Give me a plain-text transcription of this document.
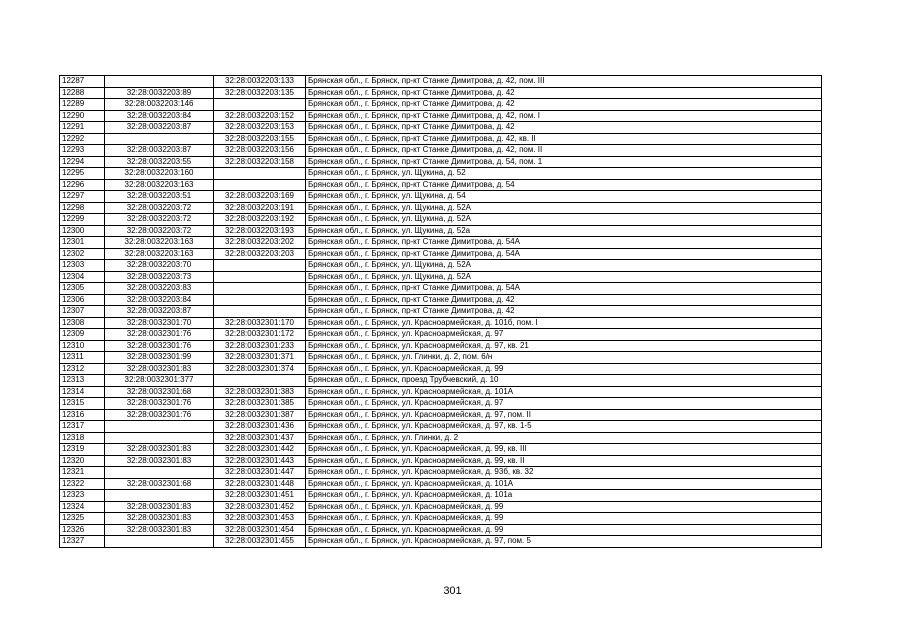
12287		32:28:0032203:133	Брянская обл., г. Брянск, пр-кт Станке Димитрова, д. 42, пом. III
12288	32:28:0032203:89	32:28:0032203:135	Брянская обл., г. Брянск, пр-кт Станке Димитрова, д. 42
12289	32:28:0032203:146		Брянская обл., г. Брянск, пр-кт Станке Димитрова, д. 42
12290	32:28:0032203:84	32:28:0032203:152	Брянская обл., г. Брянск, пр-кт Станке Димитрова, д. 42, пом. I
12291	32:28:0032203:87	32:28:0032203:153	Брянская обл., г. Брянск, пр-кт Станке Димитрова, д. 42
12292		32:28:0032203:155	Брянская обл., г. Брянск, пр-кт Станке Димитрова, д. 42, кв. II
12293	32:28:0032203:87	32:28:0032203:156	Брянская обл., г. Брянск, пр-кт Станке Димитрова, д. 42, пом. II
12294	32:28:0032203:55	32:28:0032203:158	Брянская обл., г. Брянск, пр-кт Станке Димитрова, д. 54, пом. 1
12295	32:28:0032203:160		Брянская обл., г. Брянск, ул. Щукина, д. 52
12296	32:28:0032203:163		Брянская обл., г. Брянск, пр-кт Станке Димитрова, д. 54
12297	32:28:0032203:51	32:28:0032203:169	Брянская обл., г. Брянск, ул. Щукина, д. 54
12298	32:28:0032203:72	32:28:0032203:191	Брянская обл., г. Брянск, ул. Щукина, д. 52А
12299	32:28:0032203:72	32:28:0032203:192	Брянская обл., г. Брянск, ул. Щукина, д. 52А
12300	32:28:0032203:72	32:28:0032203:193	Брянская обл., г. Брянск, ул. Щукина, д. 52а
12301	32:28:0032203:163	32:28:0032203:202	Брянская обл., г. Брянск, пр-кт Станке Димитрова, д. 54А
12302	32:28:0032203:163	32:28:0032203:203	Брянская обл., г. Брянск, пр-кт Станке Димитрова, д. 54А
12303	32:28:0032203:70		Брянская обл., г. Брянск, ул. Щукина, д. 52А
12304	32:28:0032203:73		Брянская обл., г. Брянск, ул. Щукина, д. 52А
12305	32:28:0032203:83		Брянская обл., г. Брянск, пр-кт Станке Димитрова, д. 54А
12306	32:28:0032203:84		Брянская обл., г. Брянск, пр-кт Станке Димитрова, д. 42
12307	32:28:0032203:87		Брянская обл., г. Брянск, пр-кт Станке Димитрова, д. 42
12308	32:28:0032301:70	32:28:0032301:170	Брянская обл., г. Брянск, ул. Красноармейская, д. 101б, пом. I
12309	32:28:0032301:76	32:28:0032301:172	Брянская обл., г. Брянск, ул. Красноармейская, д. 97
12310	32:28:0032301:76	32:28:0032301:233	Брянская обл., г. Брянск, ул. Красноармейская, д. 97, кв. 21
12311	32:28:0032301:99	32:28:0032301:371	Брянская обл., г. Брянск, ул. Глинки, д. 2, пом. 6/н
12312	32:28:0032301:83	32:28:0032301:374	Брянская обл., г. Брянск, ул. Красноармейская, д. 99
12313	32:28:0032301:377		Брянская обл., г. Брянск, проезд Трубчевский, д. 10
12314	32:28:0032301:68	32:28:0032301:383	Брянская обл., г. Брянск, ул. Красноармейская, д. 101А
12315	32:28:0032301:76	32:28:0032301:385	Брянская обл., г. Брянск, ул. Красноармейская, д. 97
12316	32:28:0032301:76	32:28:0032301:387	Брянская обл., г. Брянск, ул. Красноармейская, д. 97, пом. II
12317		32:28:0032301:436	Брянская обл., г. Брянск, ул. Красноармейская, д. 97, кв. 1-5
12318		32:28:0032301:437	Брянская обл., г. Брянск, ул. Глинки, д. 2
12319	32:28:0032301:83	32:28:0032301:442	Брянская обл., г. Брянск, ул. Красноармейская, д. 99, кв. III
12320	32:28:0032301:83	32:28:0032301:443	Брянская обл., г. Брянск, ул. Красноармейская, д. 99, кв. II
12321		32:28:0032301:447	Брянская обл., г. Брянск, ул. Красноармейская, д. 93б, кв. 32
12322	32:28:0032301:68	32:28:0032301:448	Брянская обл., г. Брянск, ул. Красноармейская, д. 101А
12323		32:28:0032301:451	Брянская обл., г. Брянск, ул. Красноармейская, д. 101а
12324	32:28:0032301:83	32:28:0032301:452	Брянская обл., г. Брянск, ул. Красноармейская, д. 99
12325	32:28:0032301:83	32:28:0032301:453	Брянская обл., г. Брянск, ул. Красноармейская, д. 99
12326	32:28:0032301:83	32:28:0032301:454	Брянская обл., г. Брянск, ул. Красноармейская, д. 99
12327		32:28:0032301:455	Брянская обл., г. Брянск, ул. Красноармейская, д. 97, пом. 5
301
